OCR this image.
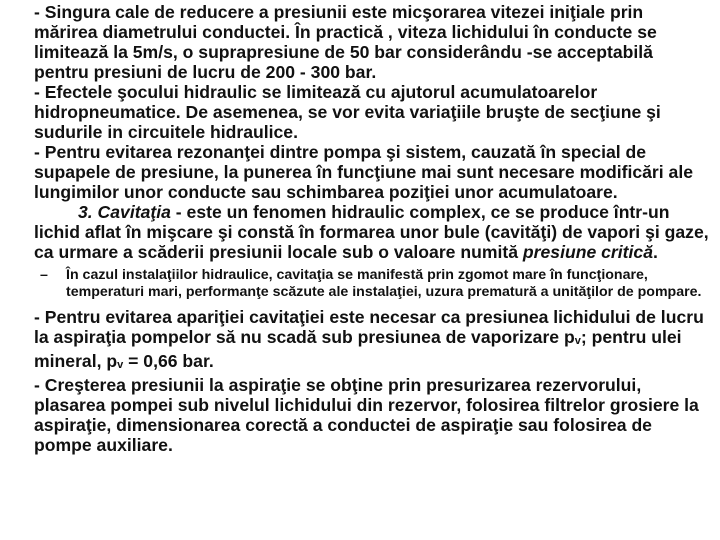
- Singura cale de reducere a presiunii este micşorarea vitezei iniţiale prin mărirea diametrului conductei. În practică , viteza lichidului în conducte se limitează la 5m/s, o suprapresiune de 50 bar considerându -se acceptabilă pentru presiuni de lucru de 200 - 300 bar.

- Efectele şocului hidraulic se limitează cu ajutorul acumulatoarelor hidropneumatice. De asemenea, se vor evita variaţiile bruşte de secţiune şi sudurile in circuitele hidraulice.

- Pentru evitarea rezonanţei dintre pompa şi sistem, cauzată în special de supapele de presiune, la punerea în funcţiune mai sunt necesare modificări ale lungimilor unor conducte sau schimbarea poziţiei unor acumulatoare.

3. Cavitaţia - este un fenomen hidraulic complex, ce se produce într-un lichid aflat în mişcare şi constă în formarea unor bule (cavităţi) de vapori şi gaze, ca urmare a scăderii presiunii locale sub o valoare numită presiune critică.

– În cazul instalaţiilor hidraulice, cavitaţia se manifestă prin zgomot mare în funcţionare, temperaturi mari, performanţe scăzute ale instalaţiei, uzura prematură a unităţilor de pompare.

- Pentru evitarea apariţiei cavitaţiei este necesar ca presiunea lichidului de lucru la aspiraţia pompelor să nu scadă sub presiunea de vaporizare pv; pentru ulei mineral, pv = 0,66 bar.

- Creşterea presiunii la aspiraţie se obţine prin presurizarea rezervorului, plasarea pompei sub nivelul lichidului din rezervor, folosirea filtrelor grosiere la aspiraţie, dimensionarea corectă a conductei de aspiraţie sau folosirea de pompe auxiliare.
